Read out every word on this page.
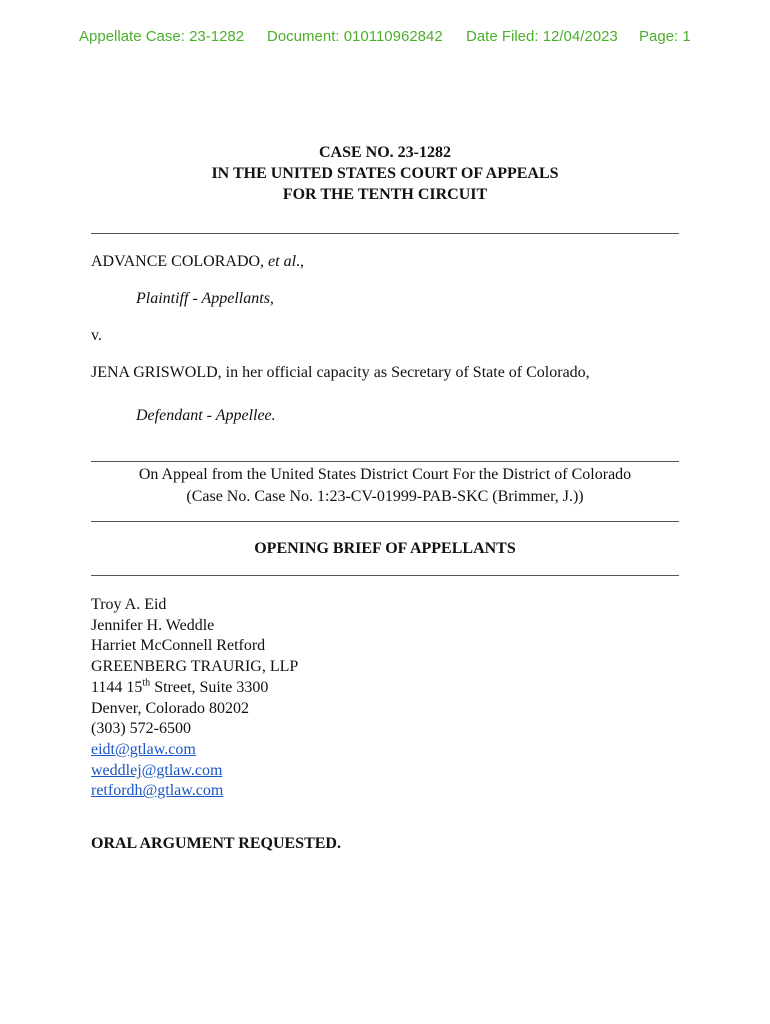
Appellate Case: 23-1282 Document: 010110962842 Date Filed: 12/04/2023 Page: 1
CASE NO. 23-1282
IN THE UNITED STATES COURT OF APPEALS
FOR THE TENTH CIRCUIT
ADVANCE COLORADO, et al.,
Plaintiff - Appellants,
v.
JENA GRISWOLD, in her official capacity as Secretary of State of Colorado,
Defendant - Appellee.
On Appeal from the United States District Court For the District of Colorado
(Case No. Case No. 1:23-CV-01999-PAB-SKC (Brimmer, J.))
OPENING BRIEF OF APPELLANTS
Troy A. Eid
Jennifer H. Weddle
Harriet McConnell Retford
GREENBERG TRAURIG, LLP
1144 15th Street, Suite 3300
Denver, Colorado 80202
(303) 572-6500
eidt@gtlaw.com
weddlej@gtlaw.com
retfordh@gtlaw.com
ORAL ARGUMENT REQUESTED.
